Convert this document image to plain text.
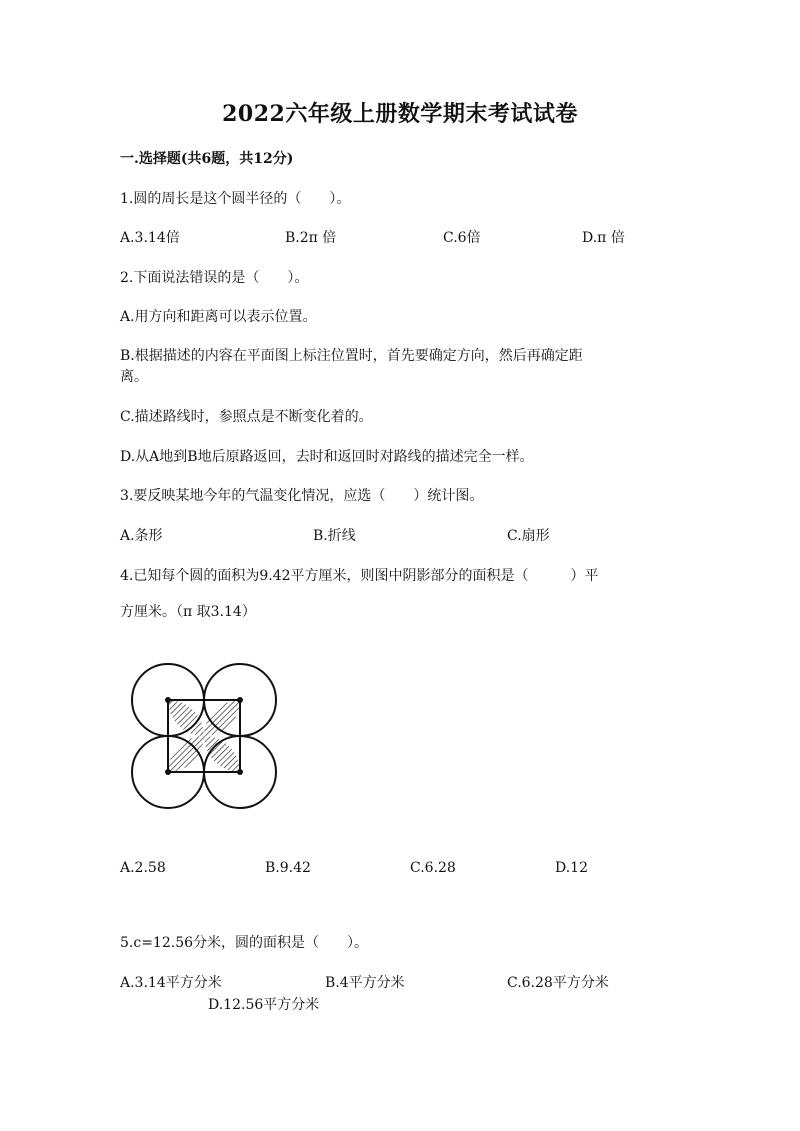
2022六年级上册数学期末考试试卷
一.选择题(共6题，共12分)
1.圆的周长是这个圆半径的（　　）。
A.3.14倍	B.2π 倍	C.6倍	D.π 倍
2.下面说法错误的是（　　）。
A.用方向和距离可以表示位置。
B.根据描述的内容在平面图上标注位置时，首先要确定方向，然后再确定距
离。
C.描述路线时，参照点是不断变化着的。
D.从A地到B地后原路返回，去时和返回时对路线的描述完全一样。
3.要反映某地今年的气温变化情况，应选（　　）统计图。
A.条形	B.折线	C.扇形
4.已知每个圆的面积为9.42平方厘米，则图中阴影部分的面积是（　　　）平
方厘米。（π 取3.14）
A.2.58	B.9.42	C.6.28	D.12
5.c=12.56分米，圆的面积是（　　）。
A.3.14平方分米	B.4平方分米	C.6.28平方分米
D.12.56平方分米
